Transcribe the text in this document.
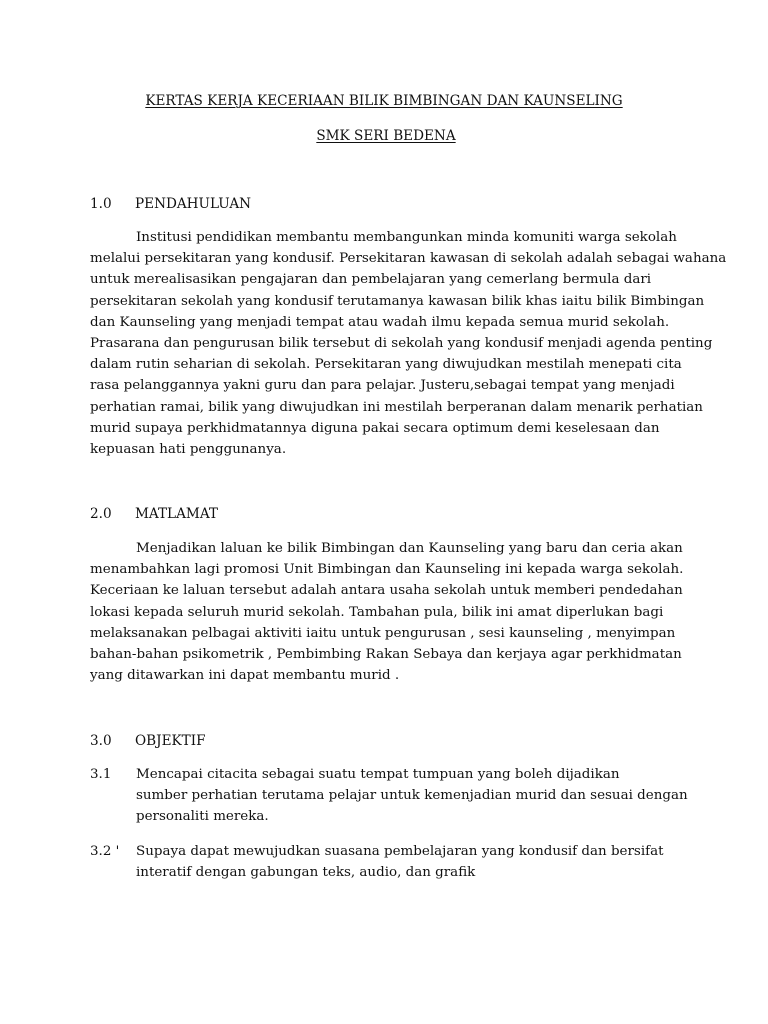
KERTAS KERJA KECERIAAN BILIK BIMBINGAN DAN KAUNSELING
SMK SERI BEDENA
1.0 PENDAHULUAN
Institusi pendidikan membantu membangunkan minda komuniti warga sekolah
melalui persekitaran yang kondusif. Persekitaran kawasan di sekolah adalah sebagai wahana
untuk merealisasikan pengajaran dan pembelajaran yang cemerlang bermula dari
persekitaran sekolah yang kondusif terutamanya kawasan bilik khas iaitu bilik Bimbingan
dan Kaunseling yang menjadi tempat atau wadah ilmu kepada semua murid sekolah.
Prasarana dan pengurusan bilik tersebut di sekolah yang kondusif menjadi agenda penting
dalam rutin seharian di sekolah. Persekitaran yang diwujudkan mestilah menepati cita
rasa pelanggannya yakni guru dan para pelajar. Justeru,sebagai tempat yang menjadi
perhatian ramai, bilik yang diwujudkan ini mestilah berperanan dalam menarik perhatian
murid supaya perkhidmatannya diguna pakai secara optimum demi keselesaan dan
kepuasan hati penggunanya.
2.0 MATLAMAT
Menjadikan laluan ke bilik Bimbingan dan Kaunseling yang baru dan ceria akan
menambahkan lagi promosi Unit Bimbingan dan Kaunseling ini kepada warga sekolah.
Keceriaan ke laluan tersebut adalah antara usaha sekolah untuk memberi pendedahan
lokasi kepada seluruh murid sekolah. Tambahan pula, bilik ini amat diperlukan bagi
melaksanakan pelbagai aktiviti iaitu untuk pengurusan , sesi kaunseling , menyimpan
bahan-bahan psikometrik , Pembimbing Rakan Sebaya dan kerjaya agar perkhidmatan
yang ditawarkan ini dapat membantu murid .
3.0 OBJEKTIF
3.1 Mencapai citacita sebagai suatu tempat tumpuan yang boleh dijadikan
sumber perhatian terutama pelajar untuk kemenjadian murid dan sesuai dengan
personaliti mereka.
3.2 ' Supaya dapat mewujudkan suasana pembelajaran yang kondusif dan bersifat
interatif dengan gabungan teks, audio, dan grafik
